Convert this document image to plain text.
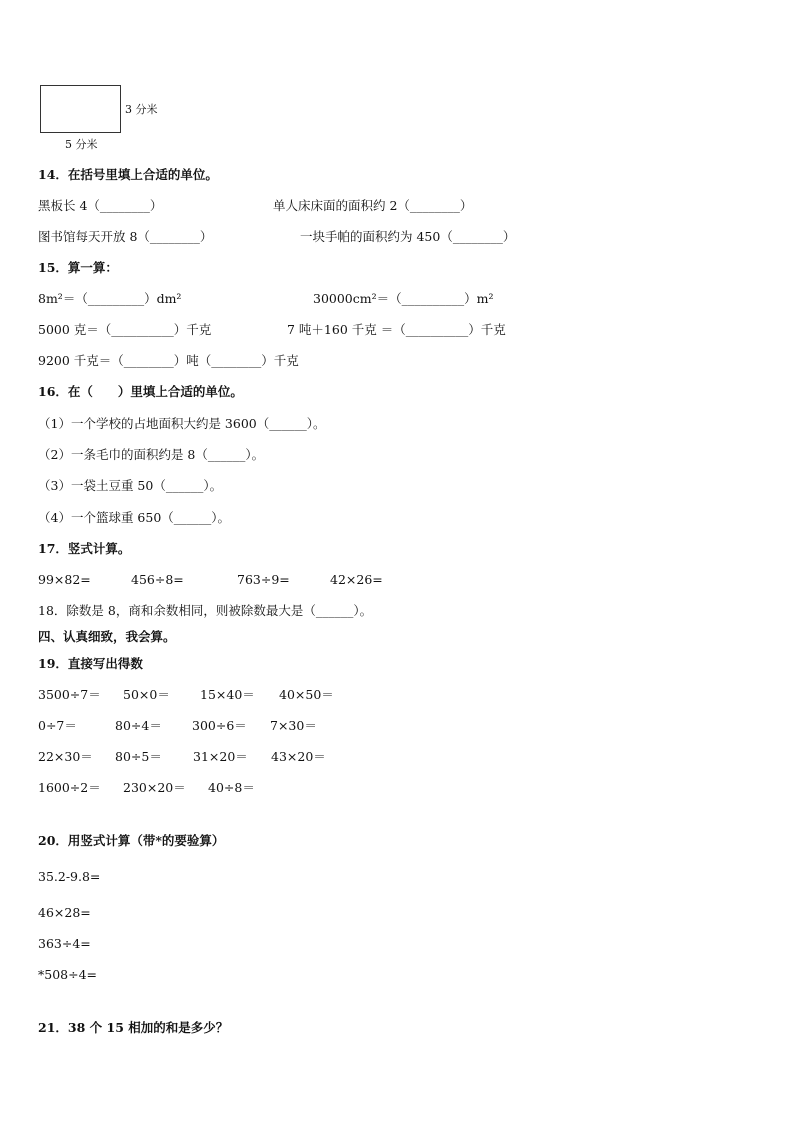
3 分米
5 分米
14．在括号里填上合适的单位。
黑板长 4（________）	单人床床面的面积约 2（________）
图书馆每天开放 8（________）	一块手帕的面积约为 450（________）
15．算一算：
8m²＝（_________）dm²	30000cm²＝（__________）m²
5000 克＝（__________）千克	7 吨＋160 千克 ＝（__________）千克
9200 千克＝（________）吨（________）千克
16．在（　　）里填上合适的单位。
（1）一个学校的占地面积大约是 3600（______）。
（2）一条毛巾的面积约是 8（______）。
（3）一袋土豆重 50（______）。
（4）一个篮球重 650（______）。
17．竖式计算。
99×82=	456÷8=	763÷9=	42×26=
18．除数是 8，商和余数相同，则被除数最大是（______）。
四、认真细致，我会算。
19．直接写出得数
3500÷7＝ 50×0＝ 15×40＝ 40×50＝
0÷7＝	80÷4＝ 300÷6＝ 7×30＝
22×30＝ 80÷5＝ 31×20＝ 43×20＝
1600÷2＝ 230×20＝ 40÷8＝
20．用竖式计算（带*的要验算）
35.2-9.8=
46×28=
363÷4=
*508÷4=
21．38 个 15 相加的和是多少？
